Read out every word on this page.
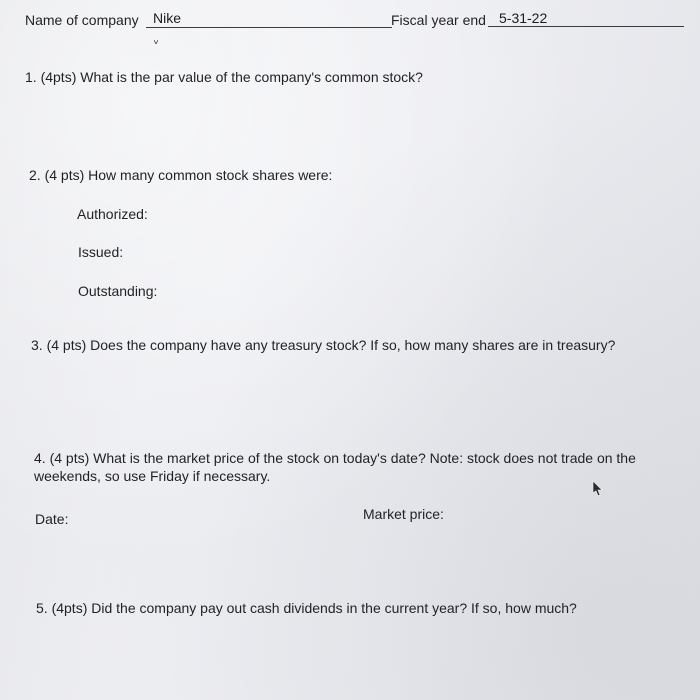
Name of company Nike	Fiscal year end 5-31-22

1. (4pts) What is the par value of the company's common stock?

2. (4 pts) How many common stock shares were:

Authorized:

Issued:

Outstanding:

3. (4 pts) Does the company have any treasury stock? If so, how many shares are in treasury?

4. (4 pts) What is the market price of the stock on today's date? Note: stock does not trade on the weekends, so use Friday if necessary.

Date:	Market price:

5. (4pts) Did the company pay out cash dividends in the current year? If so, how much?
